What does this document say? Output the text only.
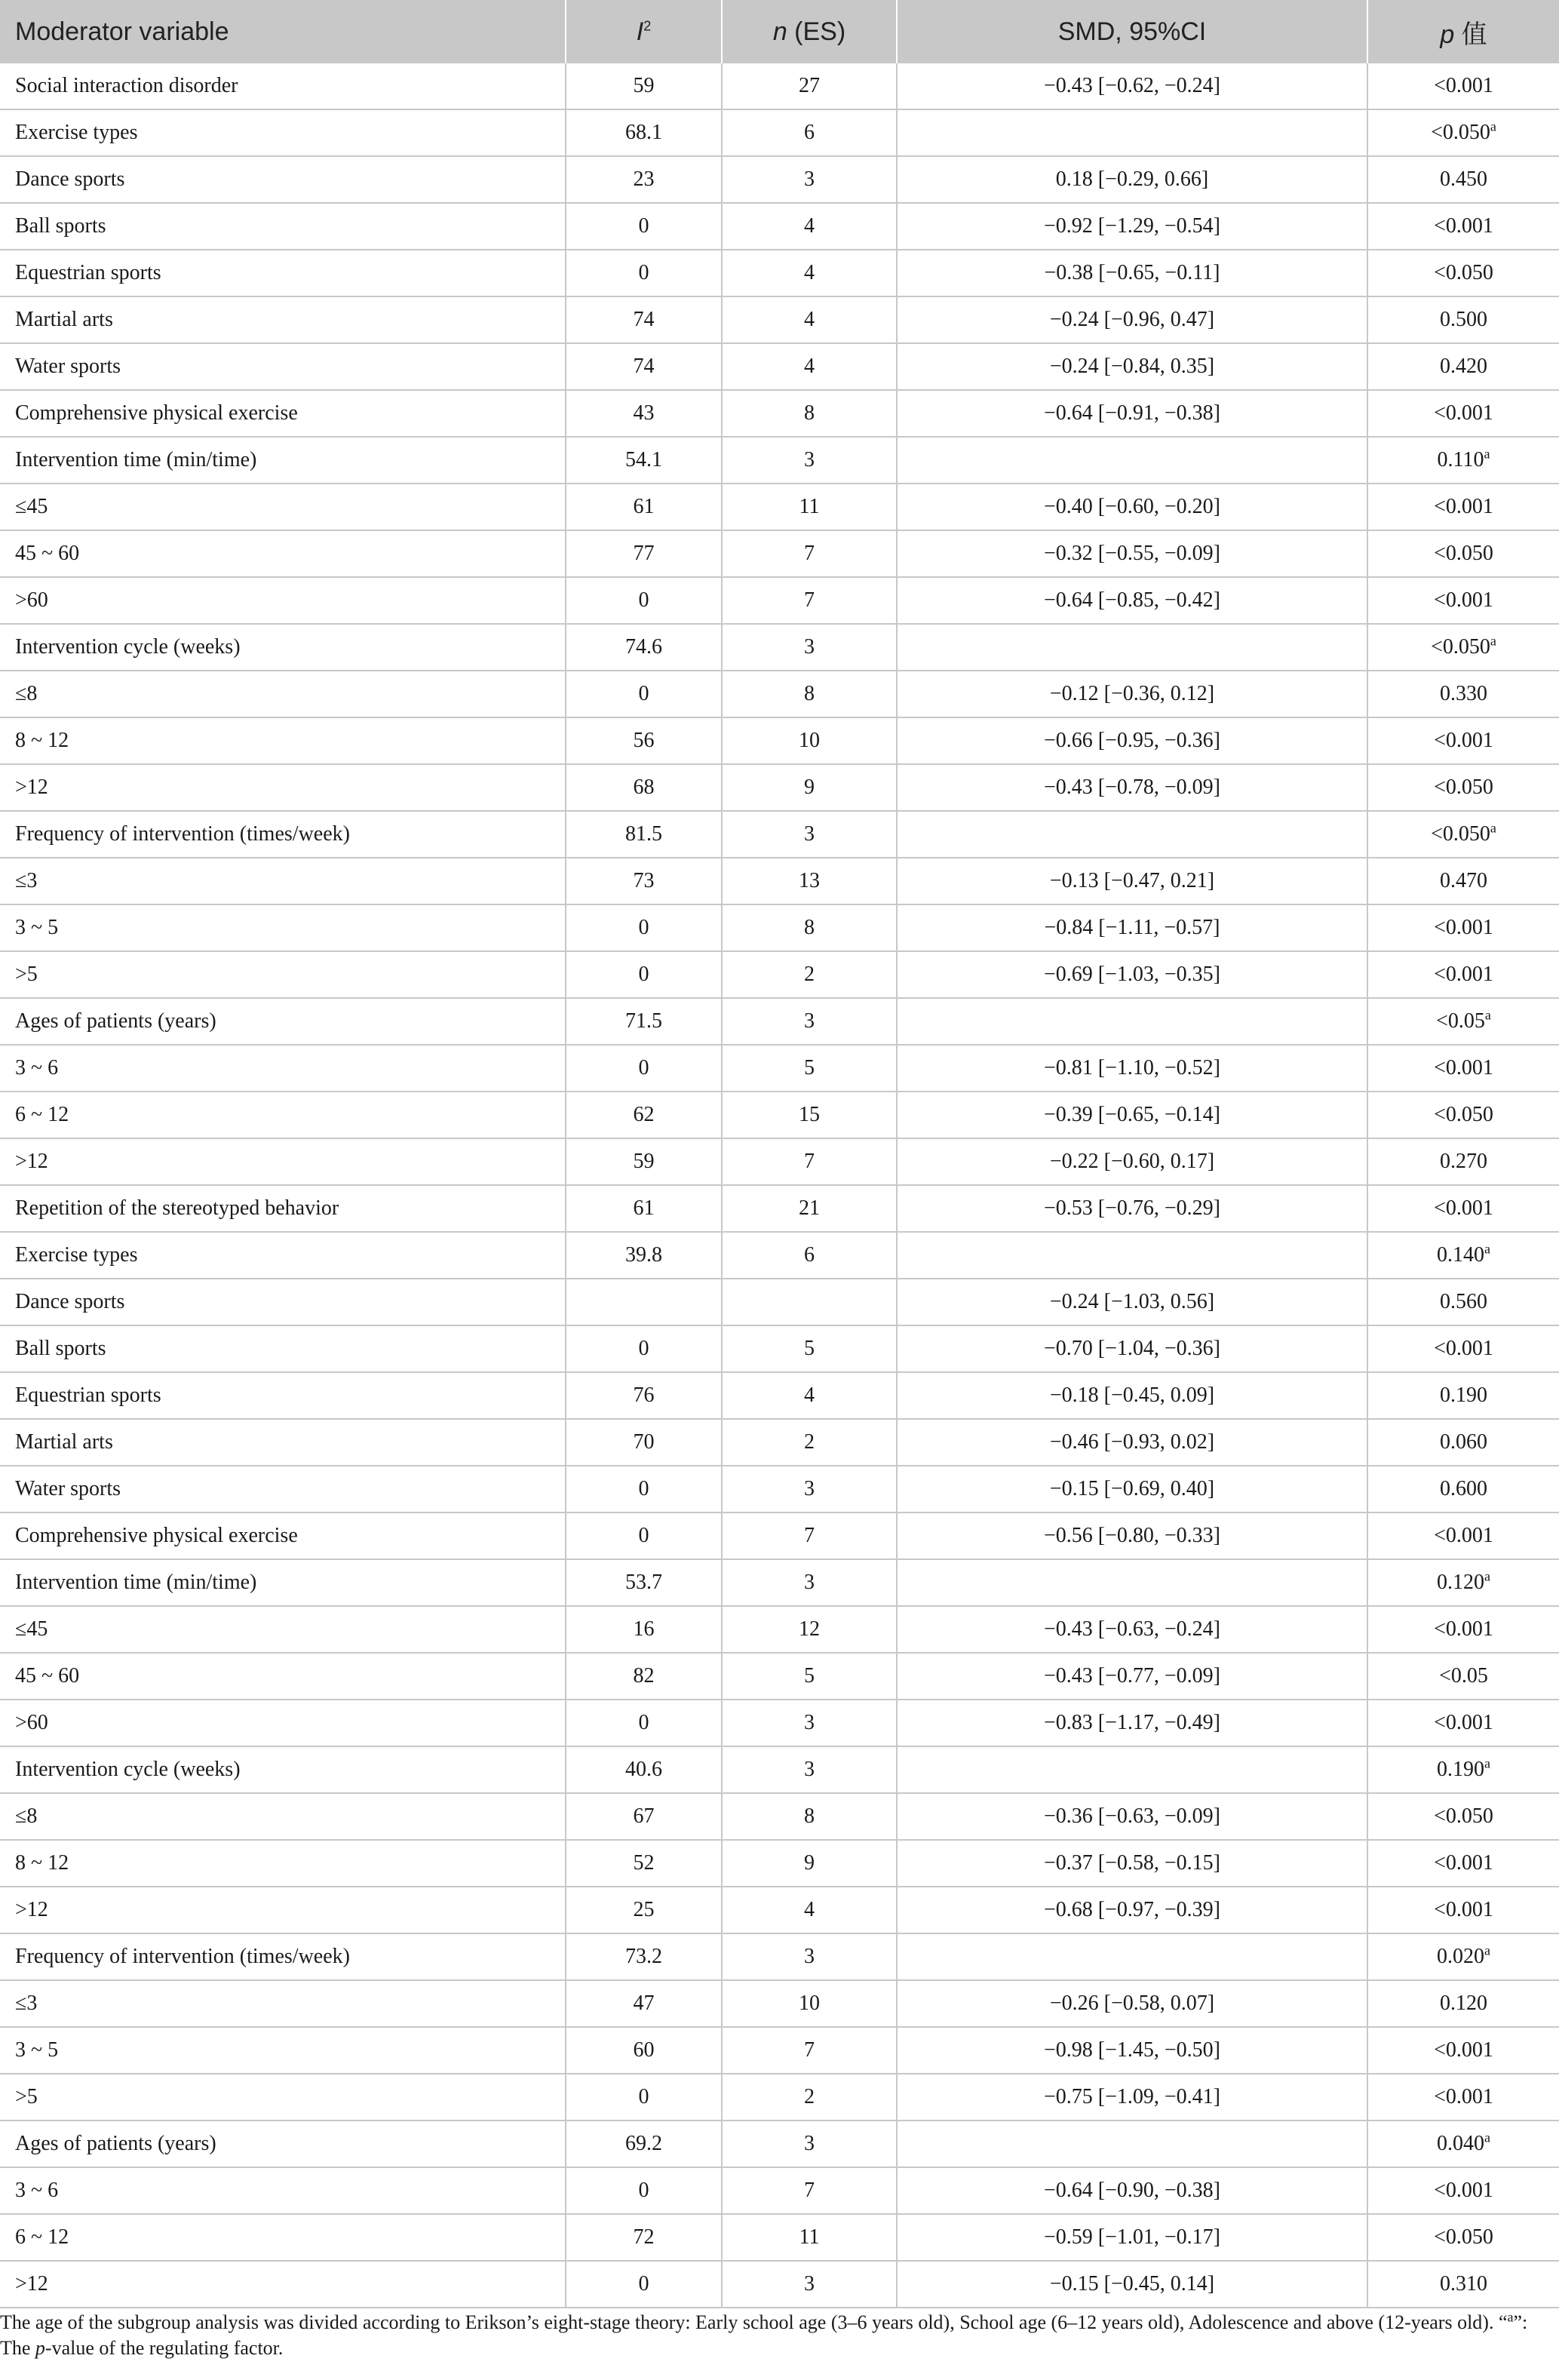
Moderator variable	$I^2$	n (ES)	SMD, 95%CI	p 值
Social interaction disorder	59	27	−0.43 [−0.62, −0.24]	<0.001
Exercise types	68.1	6		<0.050$^a$
Dance sports	23	3	0.18 [−0.29, 0.66]	0.450
Ball sports	0	4	−0.92 [−1.29, −0.54]	<0.001
Equestrian sports	0	4	−0.38 [−0.65, −0.11]	<0.050
Martial arts	74	4	−0.24 [−0.96, 0.47]	0.500
Water sports	74	4	−0.24 [−0.84, 0.35]	0.420
Comprehensive physical exercise	43	8	−0.64 [−0.91, −0.38]	<0.001
Intervention time (min/time)	54.1	3		0.110$^a$
≤45	61	11	−0.40 [−0.60, −0.20]	<0.001
45 ~ 60	77	7	−0.32 [−0.55, −0.09]	<0.050
>60	0	7	−0.64 [−0.85, −0.42]	<0.001
Intervention cycle (weeks)	74.6	3		<0.050$^a$
≤8	0	8	−0.12 [−0.36, 0.12]	0.330
8 ~ 12	56	10	−0.66 [−0.95, −0.36]	<0.001
>12	68	9	−0.43 [−0.78, −0.09]	<0.050
Frequency of intervention (times/week)	81.5	3		<0.050$^a$
≤3	73	13	−0.13 [−0.47, 0.21]	0.470
3 ~ 5	0	8	−0.84 [−1.11, −0.57]	<0.001
>5	0	2	−0.69 [−1.03, −0.35]	<0.001
Ages of patients (years)	71.5	3		<0.05$^a$
3 ~ 6	0	5	−0.81 [−1.10, −0.52]	<0.001
6 ~ 12	62	15	−0.39 [−0.65, −0.14]	<0.050
>12	59	7	−0.22 [−0.60, 0.17]	0.270
Repetition of the stereotyped behavior	61	21	−0.53 [−0.76, −0.29]	<0.001
Exercise types	39.8	6		0.140$^a$
Dance sports			−0.24 [−1.03, 0.56]	0.560
Ball sports	0	5	−0.70 [−1.04, −0.36]	<0.001
Equestrian sports	76	4	−0.18 [−0.45, 0.09]	0.190
Martial arts	70	2	−0.46 [−0.93, 0.02]	0.060
Water sports	0	3	−0.15 [−0.69, 0.40]	0.600
Comprehensive physical exercise	0	7	−0.56 [−0.80, −0.33]	<0.001
Intervention time (min/time)	53.7	3		0.120$^a$
≤45	16	12	−0.43 [−0.63, −0.24]	<0.001
45 ~ 60	82	5	−0.43 [−0.77, −0.09]	<0.05
>60	0	3	−0.83 [−1.17, −0.49]	<0.001
Intervention cycle (weeks)	40.6	3		0.190$^a$
≤8	67	8	−0.36 [−0.63, −0.09]	<0.050
8 ~ 12	52	9	−0.37 [−0.58, −0.15]	<0.001
>12	25	4	−0.68 [−0.97, −0.39]	<0.001
Frequency of intervention (times/week)	73.2	3		0.020$^a$
≤3	47	10	−0.26 [−0.58, 0.07]	0.120
3 ~ 5	60	7	−0.98 [−1.45, −0.50]	<0.001
>5	0	2	−0.75 [−1.09, −0.41]	<0.001
Ages of patients (years)	69.2	3		0.040$^a$
3 ~ 6	0	7	−0.64 [−0.90, −0.38]	<0.001
6 ~ 12	72	11	−0.59 [−1.01, −0.17]	<0.050
>12	0	3	−0.15 [−0.45, 0.14]	0.310

The age of the subgroup analysis was divided according to Erikson’s eight-stage theory: Early school age (3–6 years old), School age (6–12 years old), Adolescence and above (12-years old). “$^a$”: The p-value of the regulating factor.
